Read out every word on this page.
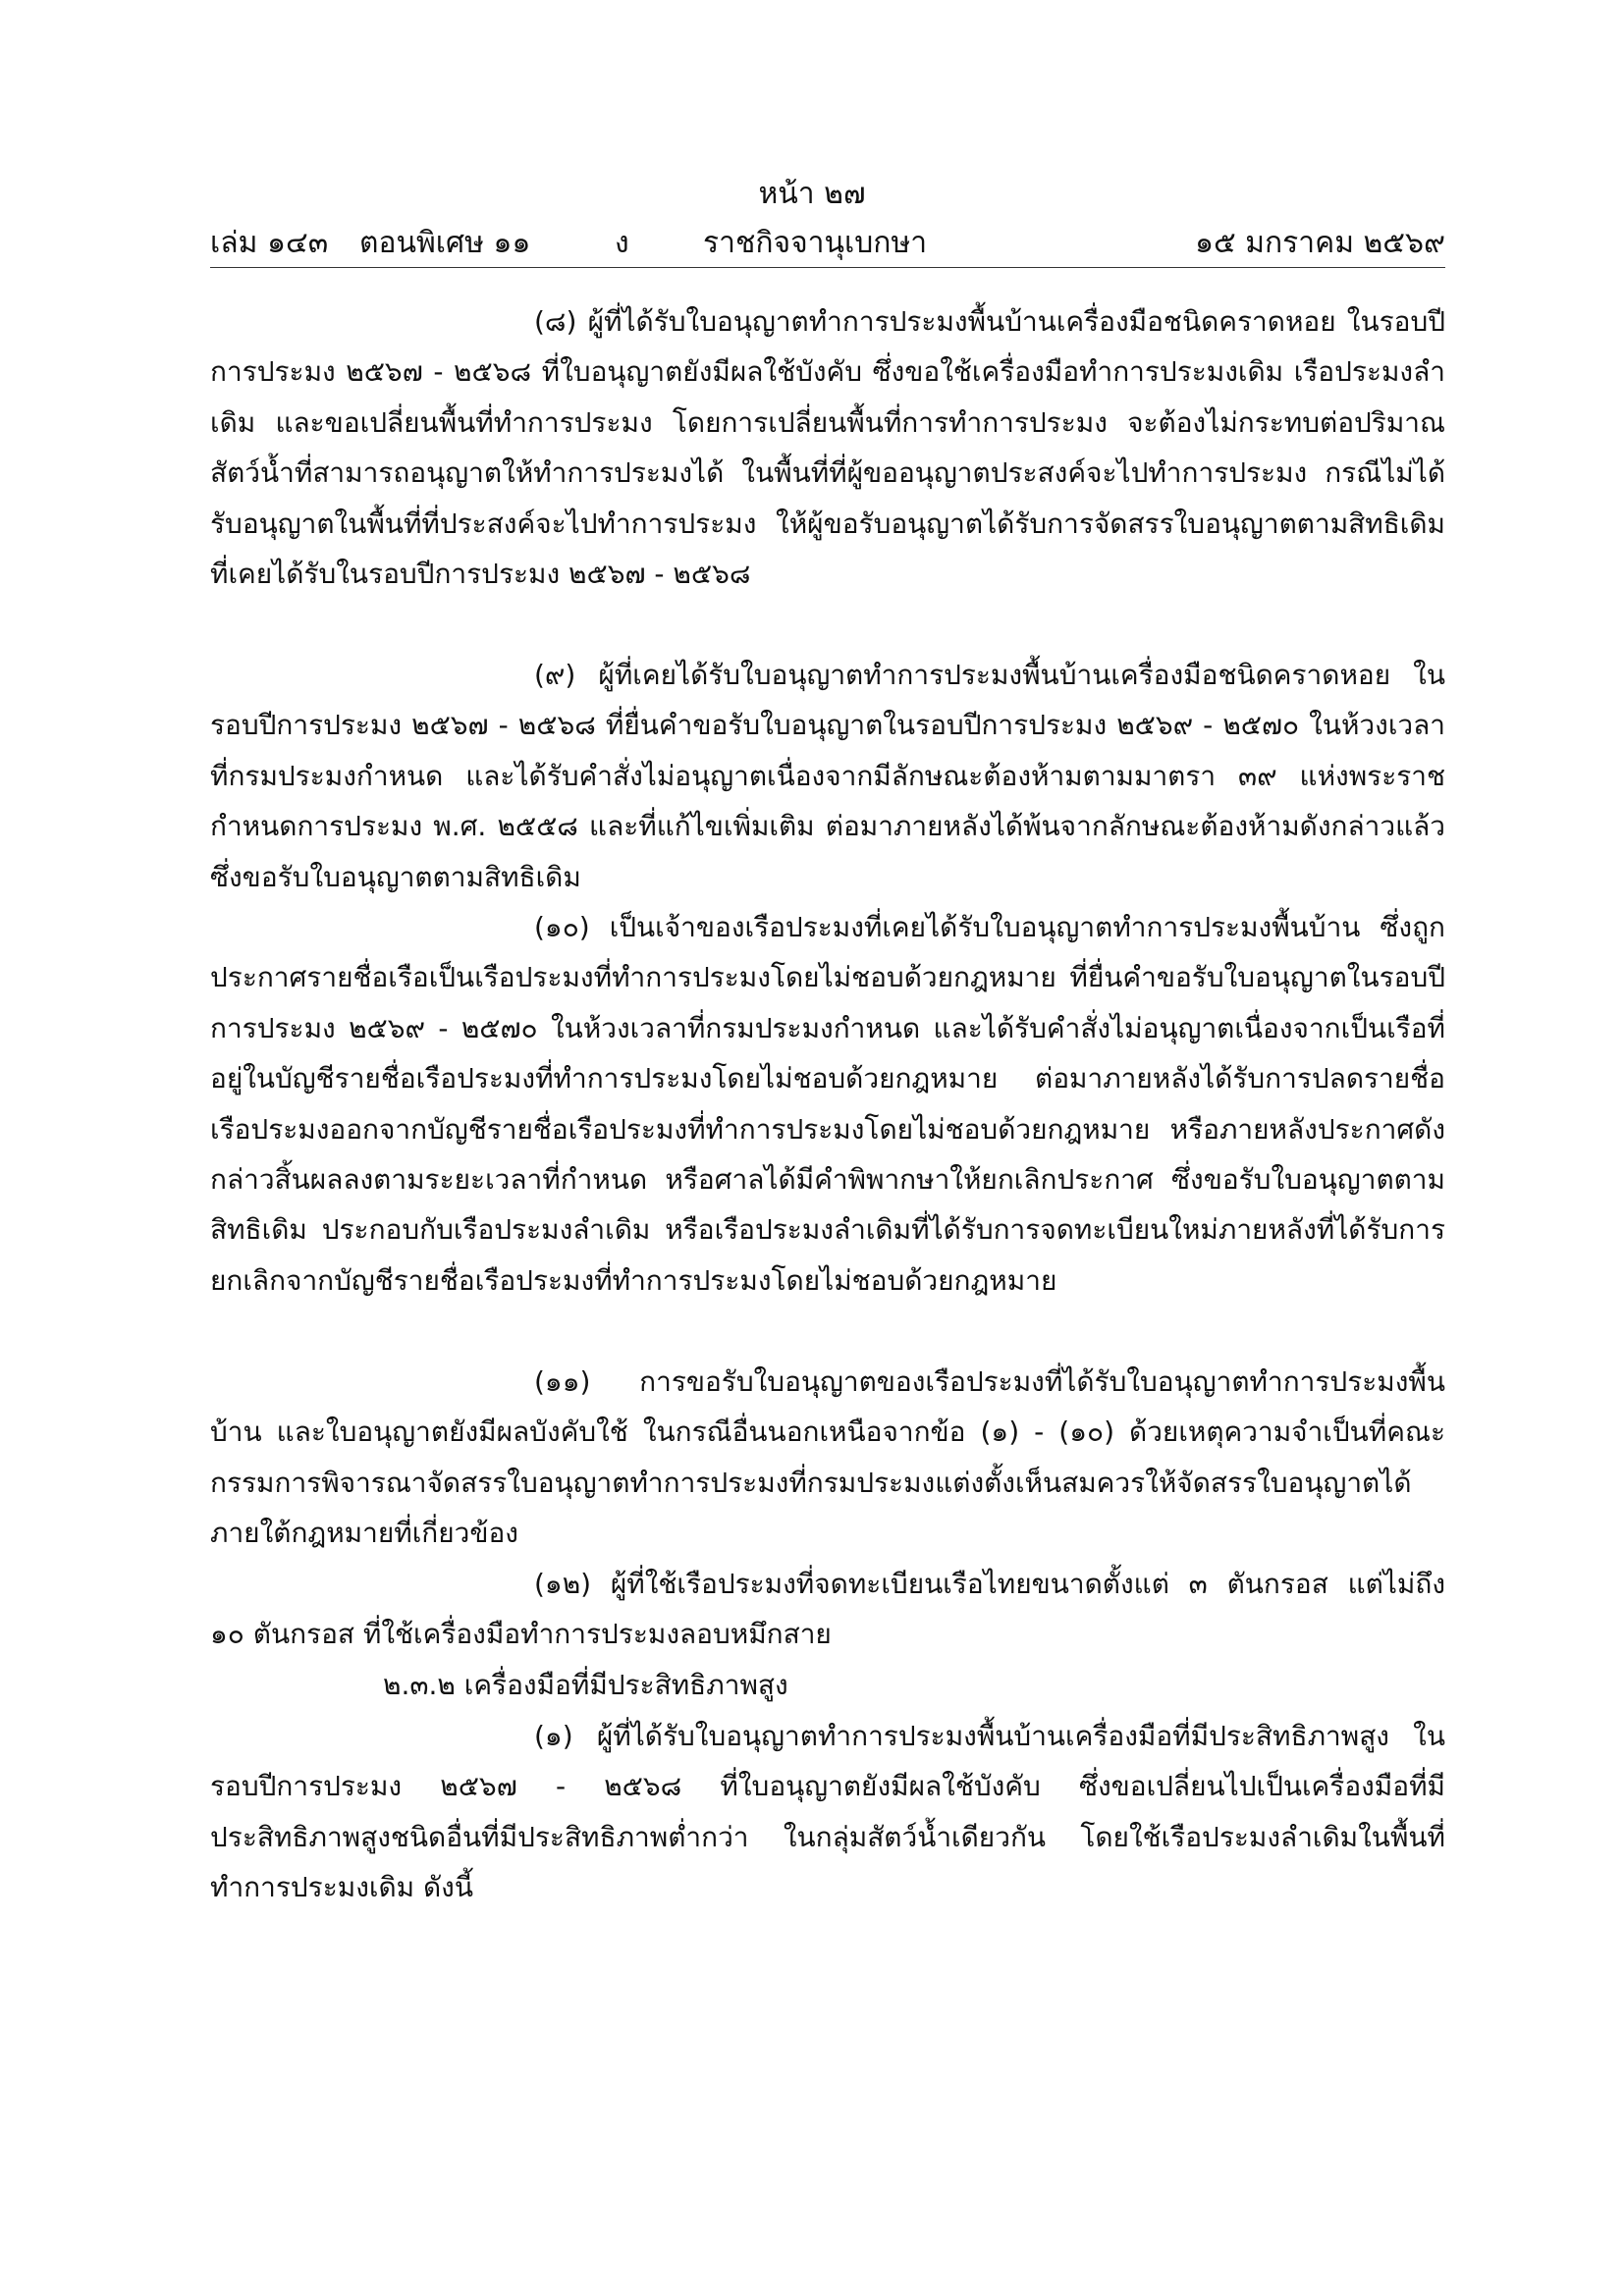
หน้า ๒๗
เล่ม ๑๔๓ ตอนพิเศษ ๑๑	ง	ราชกิจจานุเบกษา	๑๕ มกราคม ๒๕๖๙

(๘) ผู้ที่ได้รับใบอนุญาตทำการประมงพื้นบ้านเครื่องมือชนิดคราดหอย ในรอบปีการประมง ๒๕๖๗ - ๒๕๖๘ ที่ใบอนุญาตยังมีผลใช้บังคับ ซึ่งขอใช้เครื่องมือทำการประมงเดิม เรือประมงลำเดิม และขอเปลี่ยนพื้นที่ทำการประมง โดยการเปลี่ยนพื้นที่การทำการประมง จะต้องไม่กระทบต่อปริมาณสัตว์น้ำที่สามารถอนุญาตให้ทำการประมงได้ ในพื้นที่ที่ผู้ขออนุญาตประสงค์จะไปทำการประมง กรณีไม่ได้รับอนุญาตในพื้นที่ที่ประสงค์จะไปทำการประมง ให้ผู้ขอรับอนุญาตได้รับการจัดสรรใบอนุญาตตามสิทธิเดิมที่เคยได้รับในรอบปีการประมง ๒๕๖๗ - ๒๕๖๘

(๙) ผู้ที่เคยได้รับใบอนุญาตทำการประมงพื้นบ้านเครื่องมือชนิดคราดหอย ในรอบปีการประมง ๒๕๖๗ - ๒๕๖๘ ที่ยื่นคำขอรับใบอนุญาตในรอบปีการประมง ๒๕๖๙ - ๒๕๗๐ ในห้วงเวลาที่กรมประมงกำหนด และได้รับคำสั่งไม่อนุญาตเนื่องจากมีลักษณะต้องห้ามตามมาตรา ๓๙ แห่งพระราชกำหนดการประมง พ.ศ. ๒๕๕๘ และที่แก้ไขเพิ่มเติม ต่อมาภายหลังได้พ้นจากลักษณะต้องห้ามดังกล่าวแล้ว ซึ่งขอรับใบอนุญาตตามสิทธิเดิม

(๑๐) เป็นเจ้าของเรือประมงที่เคยได้รับใบอนุญาตทำการประมงพื้นบ้าน ซึ่งถูกประกาศรายชื่อเรือเป็นเรือประมงที่ทำการประมงโดยไม่ชอบด้วยกฎหมาย ที่ยื่นคำขอรับใบอนุญาตในรอบปีการประมง ๒๕๖๙ - ๒๕๗๐ ในห้วงเวลาที่กรมประมงกำหนด และได้รับคำสั่งไม่อนุญาตเนื่องจากเป็นเรือที่อยู่ในบัญชีรายชื่อเรือประมงที่ทำการประมงโดยไม่ชอบด้วยกฎหมาย ต่อมาภายหลังได้รับการปลดรายชื่อเรือประมงออกจากบัญชีรายชื่อเรือประมงที่ทำการประมงโดยไม่ชอบด้วยกฎหมาย หรือภายหลังประกาศดังกล่าวสิ้นผลลงตามระยะเวลาที่กำหนด หรือศาลได้มีคำพิพากษาให้ยกเลิกประกาศ ซึ่งขอรับใบอนุญาตตามสิทธิเดิม ประกอบกับเรือประมงลำเดิม หรือเรือประมงลำเดิมที่ได้รับการจดทะเบียนใหม่ภายหลังที่ได้รับการยกเลิกจากบัญชีรายชื่อเรือประมงที่ทำการประมงโดยไม่ชอบด้วยกฎหมาย

(๑๑) การขอรับใบอนุญาตของเรือประมงที่ได้รับใบอนุญาตทำการประมงพื้นบ้าน และใบอนุญาตยังมีผลบังคับใช้ ในกรณีอื่นนอกเหนือจากข้อ (๑) - (๑๐) ด้วยเหตุความจำเป็นที่คณะกรรมการพิจารณาจัดสรรใบอนุญาตทำการประมงที่กรมประมงแต่งตั้งเห็นสมควรให้จัดสรรใบอนุญาตได้ภายใต้กฎหมายที่เกี่ยวข้อง

(๑๒) ผู้ที่ใช้เรือประมงที่จดทะเบียนเรือไทยขนาดตั้งแต่ ๓ ตันกรอส แต่ไม่ถึง ๑๐ ตันกรอส ที่ใช้เครื่องมือทำการประมงลอบหมึกสาย

๒.๓.๒ เครื่องมือที่มีประสิทธิภาพสูง

(๑) ผู้ที่ได้รับใบอนุญาตทำการประมงพื้นบ้านเครื่องมือที่มีประสิทธิภาพสูง ในรอบปีการประมง ๒๕๖๗ - ๒๕๖๘ ที่ใบอนุญาตยังมีผลใช้บังคับ ซึ่งขอเปลี่ยนไปเป็นเครื่องมือที่มีประสิทธิภาพสูงชนิดอื่นที่มีประสิทธิภาพต่ำกว่า ในกลุ่มสัตว์น้ำเดียวกัน โดยใช้เรือประมงลำเดิมในพื้นที่ทำการประมงเดิม ดังนี้
